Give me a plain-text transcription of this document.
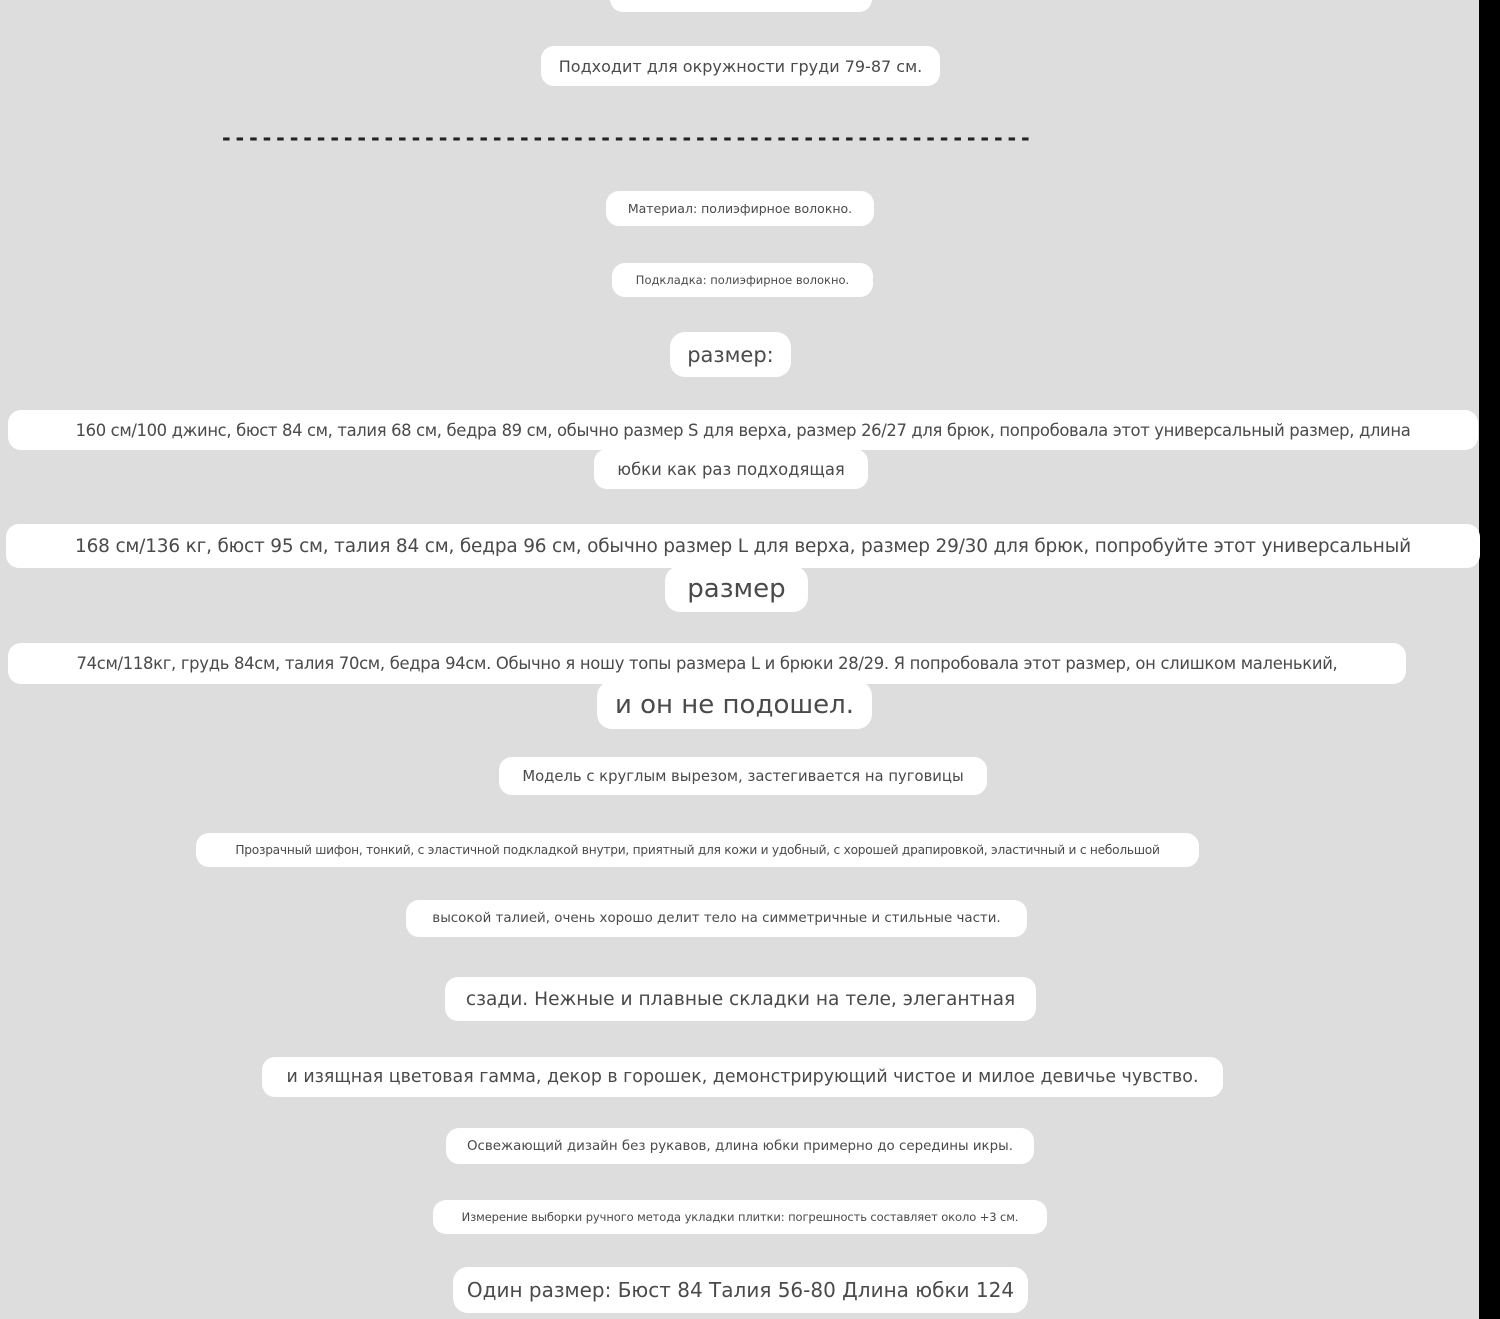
Подходит для окружности груди 79-87 см.
------------------------------------------------------------
Материал: полиэфирное волокно.
Подкладка: полиэфирное волокно.
размер:
160 см/100 джинс, бюст 84 см, талия 68 см, бедра 89 см, обычно размер S для верха, размер 26/27 для брюк, попробовала этот универсальный размер, длина
юбки как раз подходящая
168 см/136 кг, бюст 95 см, талия 84 см, бедра 96 см, обычно размер L для верха, размер 29/30 для брюк, попробуйте этот универсальный
размер
74см/118кг, грудь 84см, талия 70см, бедра 94см. Обычно я ношу топы размера L и брюки 28/29. Я попробовала этот размер, он слишком маленький,
и он не подошел.
Модель с круглым вырезом, застегивается на пуговицы
Прозрачный шифон, тонкий, с эластичной подкладкой внутри, приятный для кожи и удобный, с хорошей драпировкой, эластичный и с небольшой
высокой талией, очень хорошо делит тело на симметричные и стильные части.
сзади. Нежные и плавные складки на теле, элегантная
и изящная цветовая гамма, декор в горошек, демонстрирующий чистое и милое девичье чувство.
Освежающий дизайн без рукавов, длина юбки примерно до середины икры.
Измерение выборки ручного метода укладки плитки: погрешность составляет около +3 см.
Один размер: Бюст 84 Талия 56-80 Длина юбки 124
